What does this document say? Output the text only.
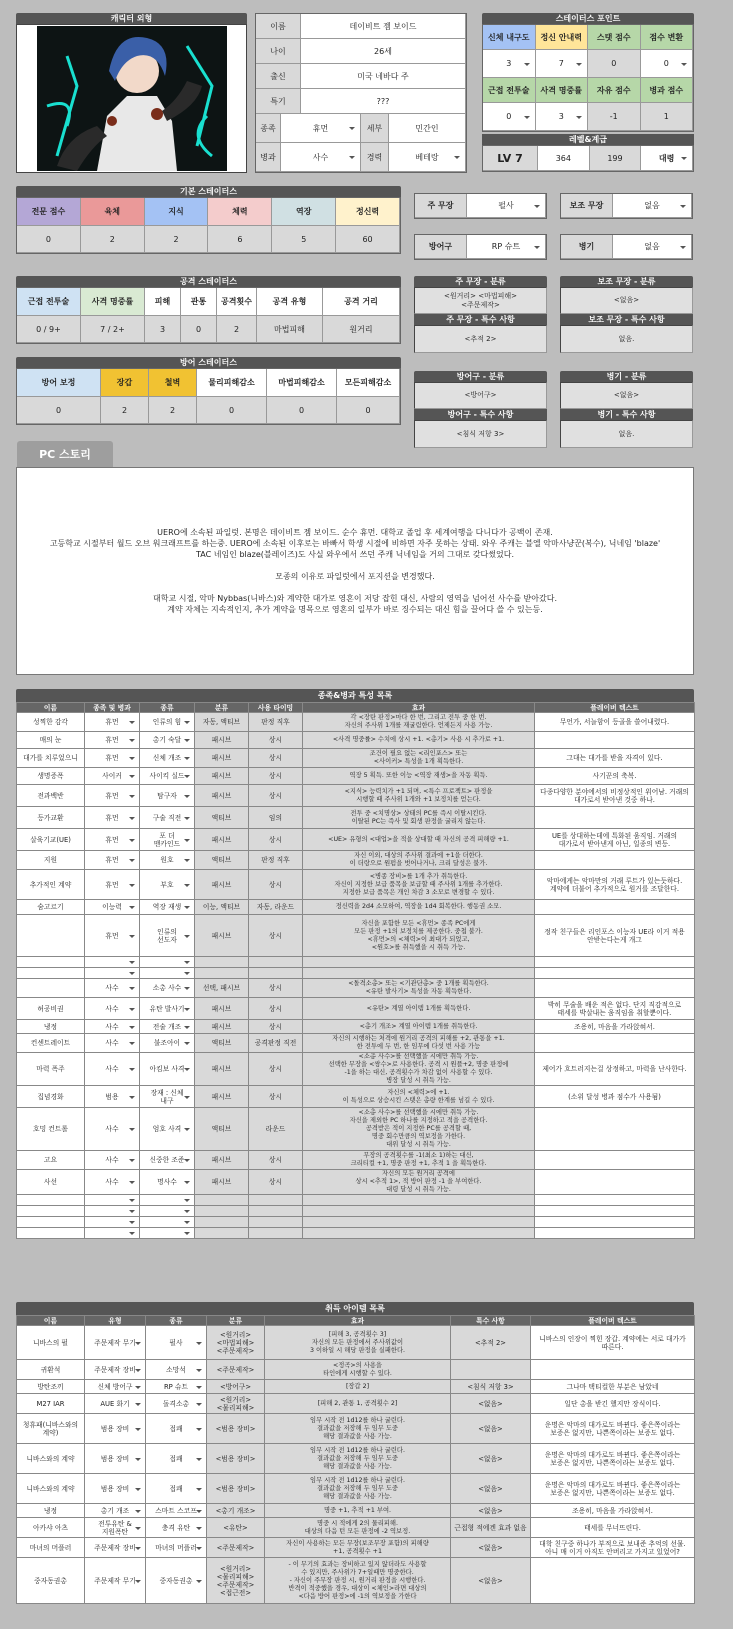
캐릭터 외형
이름	데이비트 젬 보이드
나이	26세
출신	미국 네바다 주
특기	???
종족	휴먼	세부	민간인
병과	사수	경력	베테랑
스테이터스 포인트
신체 내구도	정신 안내력	스탯 점수	점수 변환
3	7	0	0
근접 전투술	사격 명중률	자유 점수	병과 점수
0	3	-1	1
레벨&계급
LV 7	364	199	대령
기본 스테이터스
전문 점수	육체	지식	체력	역장	정신력
0	2	2	6	5	60
공격 스테이터스
근접 전투술	사격 명중률	피해	관통	공격횟수	공격 유형	공격 거리
0 / 9+	7 / 2+	3	0	2	마법피해	원거리
방어 스테이터스
방어 보정	장갑	철벽	물리피해감소	마법피해감소	모든피해감소
0	2	2	0	0	0
주 무장	펄사	보조 무장	없음
방어구	RP 슈트	병기	없음
주 무장 - 분류
<원거리> <마법피해>
<주문제작>
주 무장 - 특수 사항
<추적 2>
보조 무장 - 분류
<없음>
보조 무장 - 특수 사항
없음.
방어구 - 분류
<방어구>
방어구 - 특수 사항
<침식 저항 3>
병기 - 분류
<없음>
병기 - 특수 사항
없음.
PC 스토리
UERO에 소속된 파일럿. 본명은 데이비트 젬 보이드. 순수 휴먼. 대학교 졸업 후 세계여행을 다니다가 공백이 존재.
고등학교 시절부터 월드 오브 워크래프트를 하는중. UERO에 소속된 이후로는 바빠서 학생 시절에 비하면 자주 못하는 상태. 와우 주캐는 블엘 악마사냥꾼(복수), 닉네임 'blaze'
TAC 네임인 blaze(블레이즈)도 사실 와우에서 쓰던 주캐 닉네임을 거의 그대로 갖다썼었다.
모종의 이유로 파일럿에서 포지션을 변경했다.
대학교 시절, 악마 Nybbas(니바스)와 계약한 대가로 영혼이 저당 잡힌 대신, 사람의 영역을 넘어선 사수를 받아갔다.
계약 자체는 지속적인지, 추가 계약을 명목으로 영혼의 일부가 바로 징수되는 대신 힘을 끌어다 쓸 수 있는등.
종족&병과 특성 목록
이름	종족 및 병과	종류	분류	사용 타이밍	효과	플레이버 텍스트
성찍한 감각	휴먼	인류의 힘	자동, 액티브	판정 직후	각 <장탄 판정>마다 한 번, 그리고 전투 중 한 번.
자신의 주사위 1개를 재굴림한다. 언제든지 사용 가능.	무언가, 서늘함이 등골을 쓸어내렸다.
매의 눈	휴먼	총기 숙달	패시브	상시	<사격 명중률> 수치에 상시 +1. <총기> 사용 시 추가로 +1.	
대가를 치루었으니	휴먼	신체 개조	패시브	상시	조건이 필요 없는 <리인포스> 또는
<사이커> 특성을 1개 획득한다.	그대는 대가를 받을 자격이 있다.
생명증폭	사이커	사이킥 실드	패시브	상시	역장 5 획득. 또한 이능 <역장 재생>을 자동 획득.	사기꾼의 축복.
전과백반	휴먼	탐구자	패시브	상시	<지식> 능력치가 +1 되며, <특수 프로젝트> 판정을
시행할 때 주사위 1개와 +1 보정치를 얻는다.	다종다양한 분야에서의 비정상적인 위어남. 거래의
대가로서 받아낸 것중 하나.
등가교환	휴먼	구술 직전	액티브	임의	전투 중 <치명상> 상태의 PC를 즉시 이탈시킨다.
이탈된 PC는 즉사 및 회생 판정을 굴리지 않는다.	
살육기교(UE)	휴먼	포 더
맨카인드	패시브	상시	<UE> 유형의 <대업>을 적을 상대할 때 자신의 공격 피해량 +1.	UE를 상대하는데에 특화된 움직임. 거래의
대가로서 받아낸게 아닌, 일종의 변등.
지원	휴먼	원호	액티브	판정 직후	자신 이외, 대상의 주사위 결과에 +1을 더한다.
이 더랑으로 원펌을 벗어나거나, 크리 달성은 불가.	
추가적인 계약	휴먼	부호	패시브	상시	<병종 장비>를 1개 추가 취득한다.
자신이 지정한 보급 품목을 보급할 때 주사위 1개를 추가한다.
지정한 보급 품목은 개인 차감 3 소모로 변경할 수 있다.	악마에게는 악마만의 거래 루트가 있는듯하다.
계약에 더불어 추가적으로 원거를 조달한다.
숨고르기	이능력	역장 재생	이능, 액티브	자동, 라운드	정신력을 2d4 소모하여, 역장을 1d4 회복한다. 행동권 소모.	
	휴먼	인류의
선도자	패시브	상시	자신을 포함한 모든 <휴먼> 종족 PC에게
모든 판정 +1의 보정치를 제공한다. 중첩 불가.
<휴먼>의 <체력>이 최대가 되었고,
<원호>를 취득했을 시 취득 가능.	정작 친구들은 리인포스 이능자 UE라 이거 적용
안받는다는게 개그

	사수	소총 사수	선택, 패시브	상시	<돌격소총> 또는 <기관단총> 중 1개를 획득한다.
<유탄 발사기> 특성을 자동 획득한다.	
허공비권	사수	유탄 발사기	패시브	상시	<유탄> 계열 아이템 1개를 획득한다.	박히 무술을 배운 적은 없다. 단지 직감적으로
태세를 박살내는 움직임을 취할뿐이다.
냉정	사수	전술 개조	패시브	상시	<총기 개조> 계열 아이템 1개를 취득한다.	조용히, 마음을 가라앉혀서.
컨센트레이트	사수	불조아이	액티브	공격판정 직전	자신의 시행하는 처격에 원거리 공격의 피해를 +2, 관통을 +1.
한 전투에 두 번, 한 임무에 다섯 번 사용 가능	
마력 폭주	사수	아킴보 사격	패시브	상시	<소총 사수>를 선택했을 시에만 취득 가능.
선택한 무장을 <쌍수>로 사용한다. 공격 시 원플+2, 명중 판정에
-1을 하는 대신, 공격횟수가 차감 없이 사용할 수 있다.
병장 달성 시 취득 가능.	제어가 흐트러지는걸 상정하고, 마력을 난사한다.
집념경화	범용	장재 : 신체
내구	패시브	상시	자신의 <체력>에 +1.
이 특성으로 상승시킨 스탯은 총량 한계를 넘길 수 있다.	(소위 달성 병과 점수가 사용됨)
호밍 컨트롤	사수	엄호 사격	액티브	라운드	<소총 사수>를 선택했을 시에만 취득 가능.
자신을 제외한 PC 하나를 지정하고 적을 공격한다.
공격받은 적이 지정한 PC를 공격할 때,
명중 회수만큼의 역보정을 가한다.
대위 달성 시 취득 가능.	
고요	사수	신중한 조준	패시브	상시	무장의 공격횟수를 -1(최소 1)하는 대신,
크리티컬 +1, 명중 판정 +1, 추적 1 을 획득한다.	
사선	사수	명사수	패시브	상시	자신의 모든 원거리 공격에
상시 <추적 1>, 적 방어 판정 -1 을 부여한다.
대령 달성 시 취득 가능.	

취득 아이템 목록
이름	유형	종류	분류	효과	특수 사항	플레이버 텍스트
니바스의 펄	주문제작 무기	펄사	<원거리>
<마법피해>
<주문제작>	[피해 3, 공격횟수 3]
자신의 모든 판정에서 주사위값이
3 이하일 시 해당 판정을 실패한다.	<추적 2>	니바스의 인장이 찍힌 장갑. 계약에는 서로 대가가
따른다.
귀환석	주문제작 장비	소망석	<주문제작>	<정곡>의 사용을
타인에게 시행할 수 있다.		
방탄조끼	신체 방어구	RP 슈트	<방어구>	[장갑 2]	<침식 저항 3>	그나마 택티컬한 부분은 남았네
M27 IAR	AUE 화기	돌격소총	<원거리>
<물리피해>	[피해 2, 관통 1, 공격횟수 2]	<없음>	일단 총을 받긴 했지만 장식이다.
청휴패(니바스와의
계약)	범용 장비	접쾌	<범용 장비>	임무 시작 전 1d12를 하나 굴린다.
결과값을 저장해 두 임무 도중
해당 결과값을 사용 가능.	<없음>	운명은 악마의 대가로도 바뀐다. 좋은쪽이라는
보증은 없지만, 나쁜쪽이라는 보증도 없다.
니바스와의 계약	범용 장비	접쾌	<범용 장비>	임무 시작 전 1d12를 하나 굴린다.
결과값을 저장해 두 임무 도중
해당 결과값을 사용 가능.	<없음>	운명은 악마의 대가로도 바뀐다. 좋은쪽이라는
보증은 없지만, 나쁜쪽이라는 보증도 없다.
니바스와의 계약	범용 장비	접쾌	<범용 장비>	임무 시작 전 1d12를 하나 굴린다.
결과값을 저장해 두 임무 도중
해당 결과값을 사용 가능.	<없음>	운명은 악마의 대가로도 바뀐다. 좋은쪽이라는
보증은 없지만, 나쁜쪽이라는 보증도 없다.
냉정	총기 개조	스마트 스코프	<총기 개조>	명중 +1, 추적 +1 부여.	<없음>	조용히, 마음을 가라앉혀서.
아카샤 아츠	전투유탄 &
지원폭탄	충격 유탄	<유탄>	명중 시 적에게 2의 물리피해.
대상의 다음 턴 모든 판정에 -2 역보정.	근접형 적에겐 효과 없음	태세를 무너뜨린다.
마녀의 머플러	주문제작 장비	마녀의 머플러	<주문제작>	자신이 사용하는 모든 무장(보조무장 포함)의 피해량
+1, 공격횟수 +1	<없음>	대학 친구중 하나가 부적으로 보내준 추억의 선물.
아니 매 이거 아직도 안버리고 가지고 있었어?
중자동권총	주문제작 무기	중자동권총	<원거리>
<물리피해>
<주문제작>
<접근전>	- 이 무기의 효과는 장비하고 있지 않더라도 사용할
수 있지만, 주사위가 7+일때만 명중한다.
- 자신이 주무장 판정 시, 원거리 판정을 시행한다.
반격이 적중했을 경우, 대상이 <체인>라면 대상의
<다음 방어 판정>에 -1의 역보정을 가한다	<없음>	
